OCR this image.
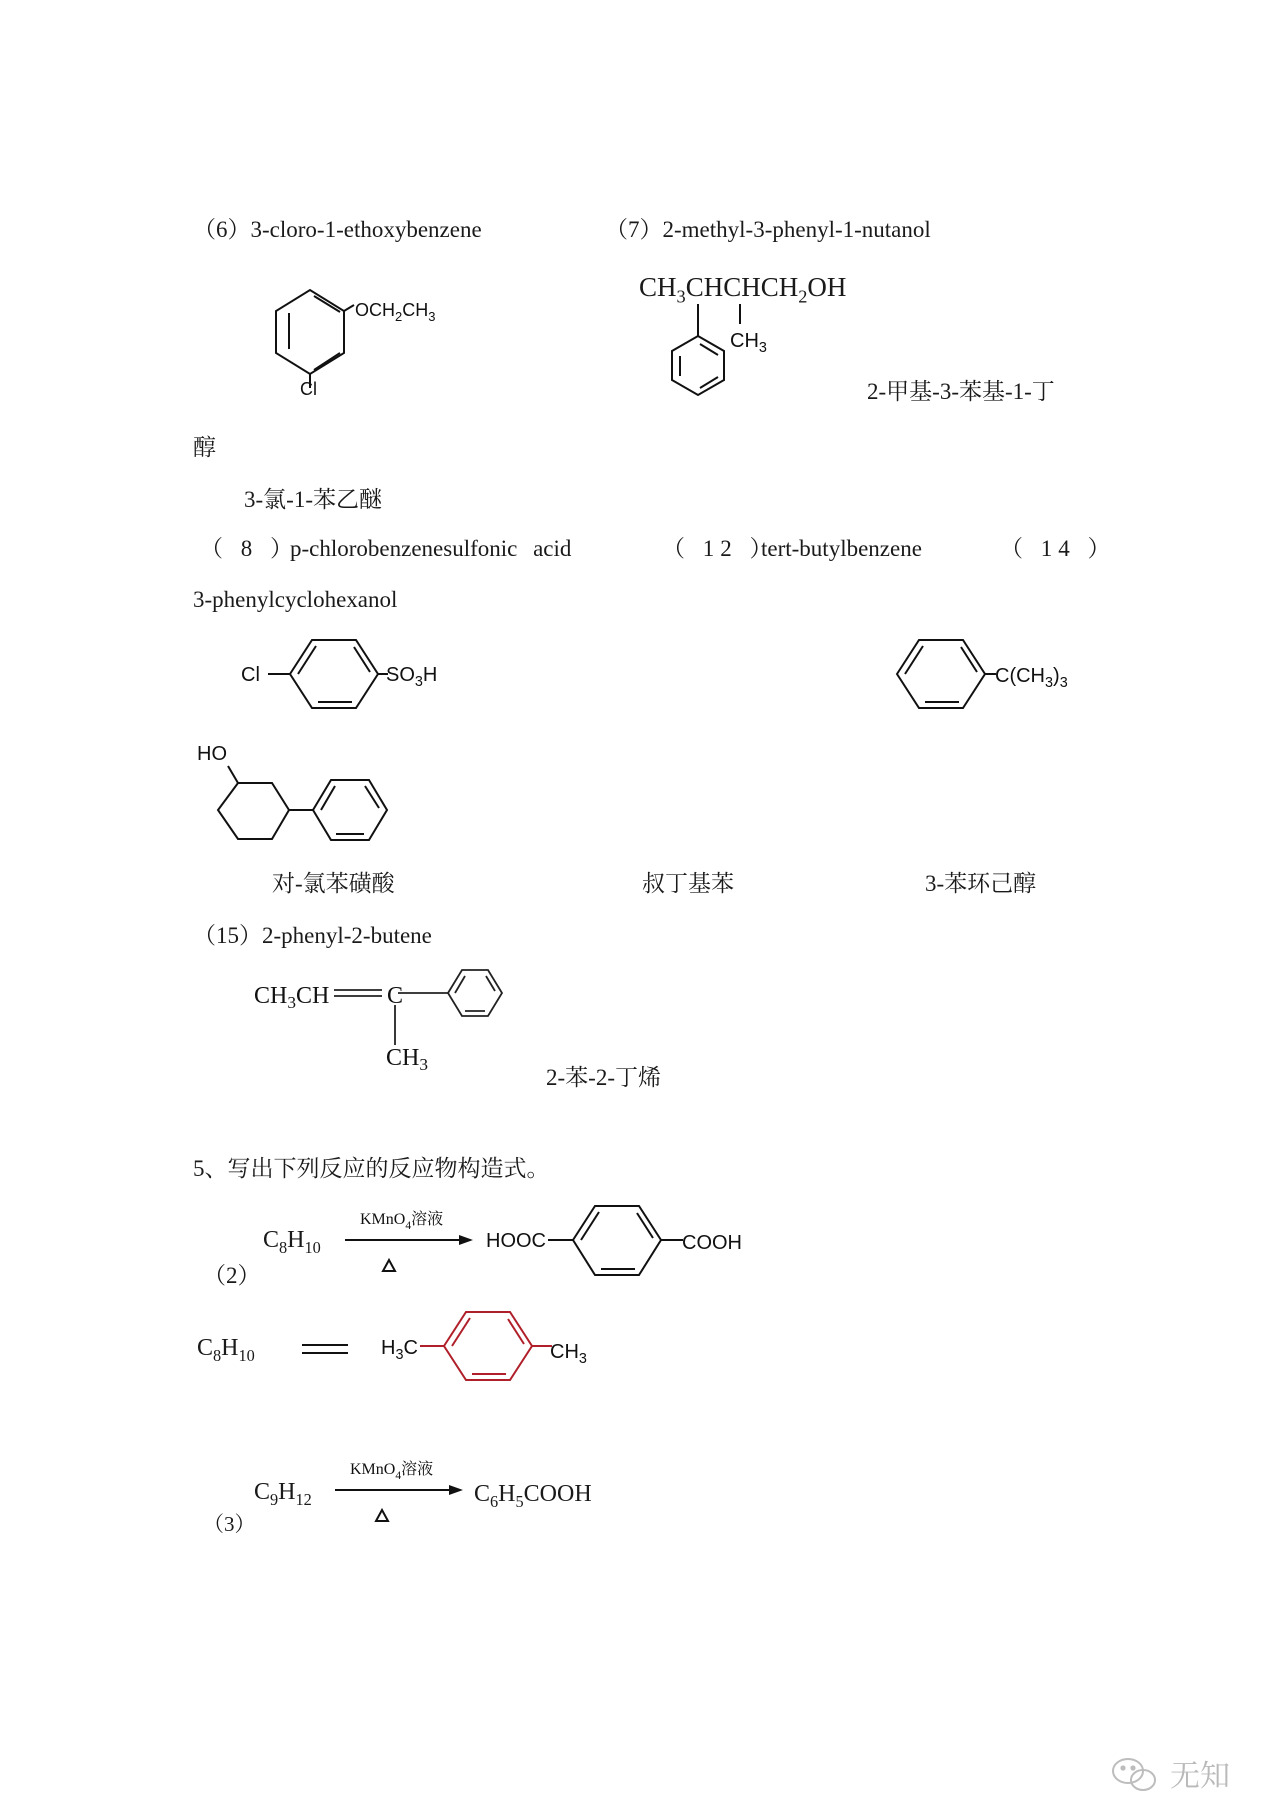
（6）3-cloro-1-ethoxybenzene
$OCH_2CH_3$
Cl
3-氯-1-苯乙醚
（7）2-methyl-3-phenyl-1-nutanol
$CH_3CHCHCH_2OH$
$CH_3$
2-甲基-3-苯基-1-丁
醇
（ 8 ）
p-chlorobenzenesulfonic acid	（ 12 ）
tert-butylbenzene	（ 14 ）
3-phenylcyclohexanol
Cl	$SO_3H$	$C(CH_3)_3$
HO
对-氯苯磺酸	叔丁基苯	3-苯环己醇
（15）2-phenyl-2-butene
$CH_3CH$ C
$CH_3$
2-苯-2-丁烯
5、写出下列反应的反应物构造式。
$C_8H_{10}$
KMnO$_4$溶液
HOOC	COOH
（2）
$C_8H_{10}$	$H_3C$	$CH_3$
$C_9H_{12}$
KMnO$_4$溶液
$C_6H_5COOH$
（3）
无知
